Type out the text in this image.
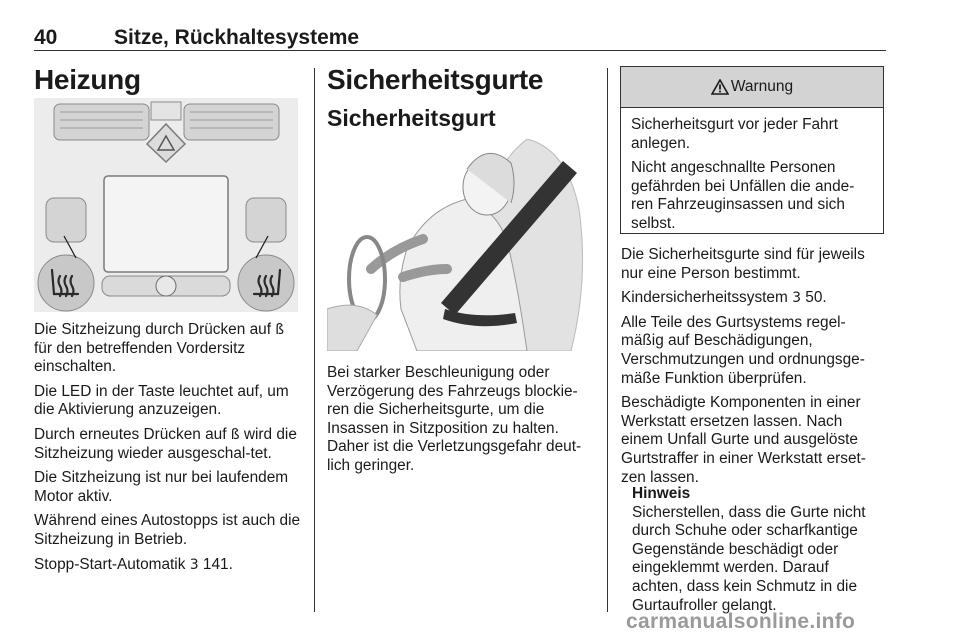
40	Sitze, Rückhaltesysteme
Heizung

Die Sitzheizung durch Drücken auf ß für den betreffenden Vordersitz einschalten.

Die LED in der Taste leuchtet auf, um die Aktivierung anzuzeigen.

Durch erneutes Drücken auf ß wird die Sitzheizung wieder ausgeschal-tet.

Die Sitzheizung ist nur bei laufendem Motor aktiv.

Während eines Autostopps ist auch die Sitzheizung in Betrieb.

Stopp-Start-Automatik 3 141.

Sicherheitsgurte
Sicherheitsgurt

Bei starker Beschleunigung oder Verzögerung des Fahrzeugs blockie-ren die Sicherheitsgurte, um die Insassen in Sitzposition zu halten. Daher ist die Verletzungsgefahr deut-lich geringer.

Warnung

Sicherheitsgurt vor jeder Fahrt anlegen.

Nicht angeschnallte Personen gefährden bei Unfällen die ande-ren Fahrzeuginsassen und sich selbst.

Die Sicherheitsgurte sind für jeweils nur eine Person bestimmt.

Kindersicherheitssystem 3 50.

Alle Teile des Gurtsystems regel-mäßig auf Beschädigungen, Verschmutzungen und ordnungsge-mäße Funktion überprüfen.

Beschädigte Komponenten in einer Werkstatt ersetzen lassen. Nach einem Unfall Gurte und ausgelöste Gurtstraffer in einer Werkstatt erset-zen lassen.

Hinweis

Sicherstellen, dass die Gurte nicht durch Schuhe oder scharfkantige Gegenstände beschädigt oder eingeklemmt werden. Darauf achten, dass kein Schmutz in die Gurtaufroller gelangt.

carmanualsonline.info
